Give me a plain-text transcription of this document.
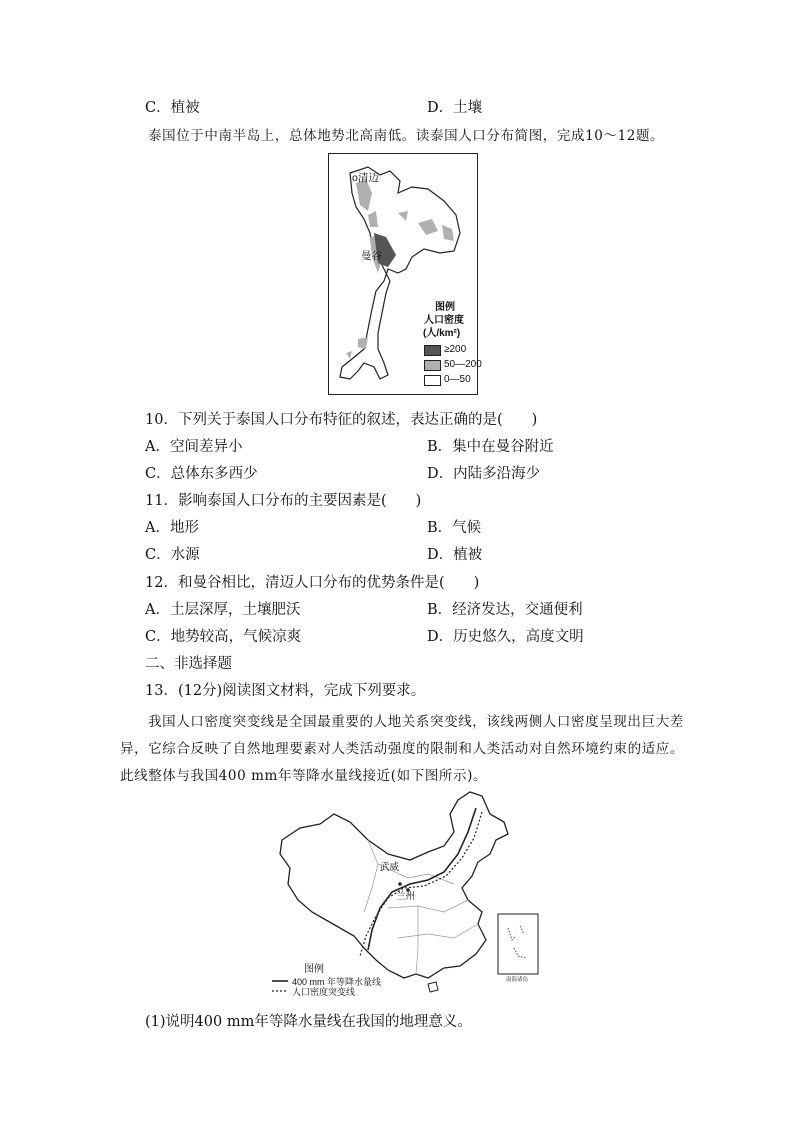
C．植被	D．土壤
泰国位于中南半岛上，总体地势北高南低。读泰国人口分布简图，完成10～12题。
o清迈
曼谷
图例
人口密度
(人/km²)
≥200
50—200
0—50
10．下列关于泰国人口分布特征的叙述，表达正确的是(　　)
A．空间差异小	B．集中在曼谷附近
C．总体东多西少	D．内陆多沿海少
11．影响泰国人口分布的主要因素是(　　)
A．地形	B．气候
C．水源	D．植被
12．和曼谷相比，清迈人口分布的优势条件是(　　)
A．土层深厚，土壤肥沃	B．经济发达，交通便利
C．地势较高，气候凉爽	D．历史悠久，高度文明
二、非选择题
13．(12分)阅读图文材料，完成下列要求。
我国人口密度突变线是全国最重要的人地关系突变线，该线两侧人口密度呈现出巨大差
异，它综合反映了自然地理要素对人类活动强度的限制和人类活动对自然环境约束的适应。
此线整体与我国400 mm年等降水量线接近(如下图所示)。
武威
兰州
图例
400 mm 年等降水量线
人口密度突变线
南海诸岛
(1)说明400 mm年等降水量线在我国的地理意义。
